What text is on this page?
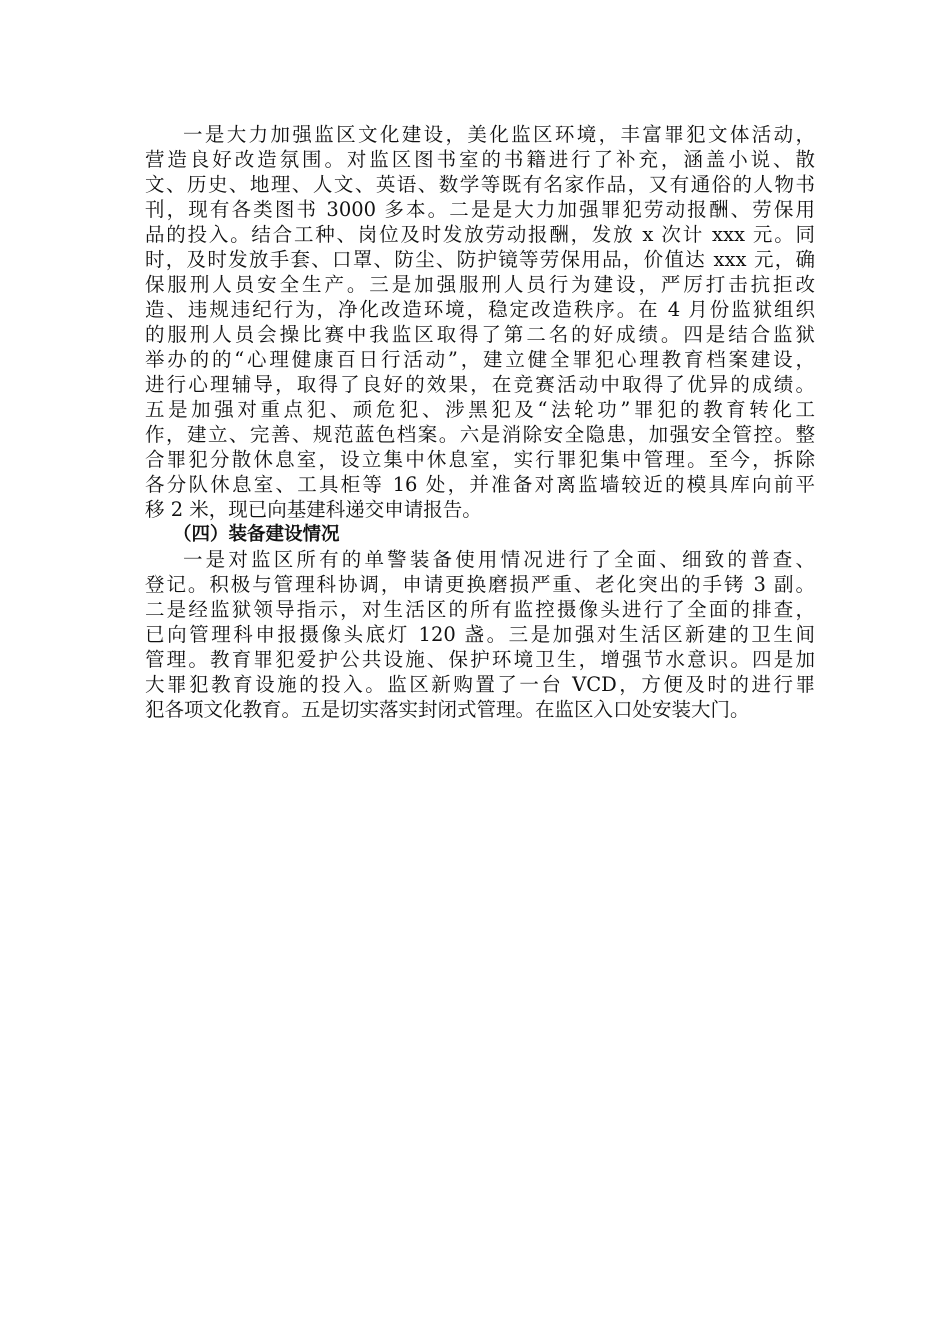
一是大力加强监区文化建设，美化监区环境，丰富罪犯文体活动，
营造良好改造氛围。对监区图书室的书籍进行了补充，涵盖小说、散
文、历史、地理、人文、英语、数学等既有名家作品，又有通俗的人物书
刊，现有各类图书 3000 多本。二是是大力加强罪犯劳动报酬、劳保用
品的投入。结合工种、岗位及时发放劳动报酬，发放 x 次计 xxx 元。同
时，及时发放手套、口罩、防尘、防护镜等劳保用品，价值达 xxx 元，确
保服刑人员安全生产。三是加强服刑人员行为建设，严厉打击抗拒改
造、违规违纪行为，净化改造环境，稳定改造秩序。在 4 月份监狱组织
的服刑人员会操比赛中我监区取得了第二名的好成绩。四是结合监狱
举办的的“心理健康百日行活动”，建立健全罪犯心理教育档案建设，
进行心理辅导，取得了良好的效果，在竞赛活动中取得了优异的成绩。
五是加强对重点犯、顽危犯、涉黑犯及“法轮功”罪犯的教育转化工
作，建立、完善、规范蓝色档案。六是消除安全隐患，加强安全管控。整
合罪犯分散休息室，设立集中休息室，实行罪犯集中管理。至今，拆除
各分队休息室、工具柜等 16 处，并准备对离监墙较近的模具库向前平
移 2 米，现已向基建科递交申请报告。
（四）装备建设情况
一是对监区所有的单警装备使用情况进行了全面、细致的普查、
登记。积极与管理科协调，申请更换磨损严重、老化突出的手铐 3 副。
二是经监狱领导指示，对生活区的所有监控摄像头进行了全面的排查，
已向管理科申报摄像头底灯 120 盏。三是加强对生活区新建的卫生间
管理。教育罪犯爱护公共设施、保护环境卫生，增强节水意识。四是加
大罪犯教育设施的投入。监区新购置了一台 VCD，方便及时的进行罪
犯各项文化教育。五是切实落实封闭式管理。在监区入口处安装大门。
